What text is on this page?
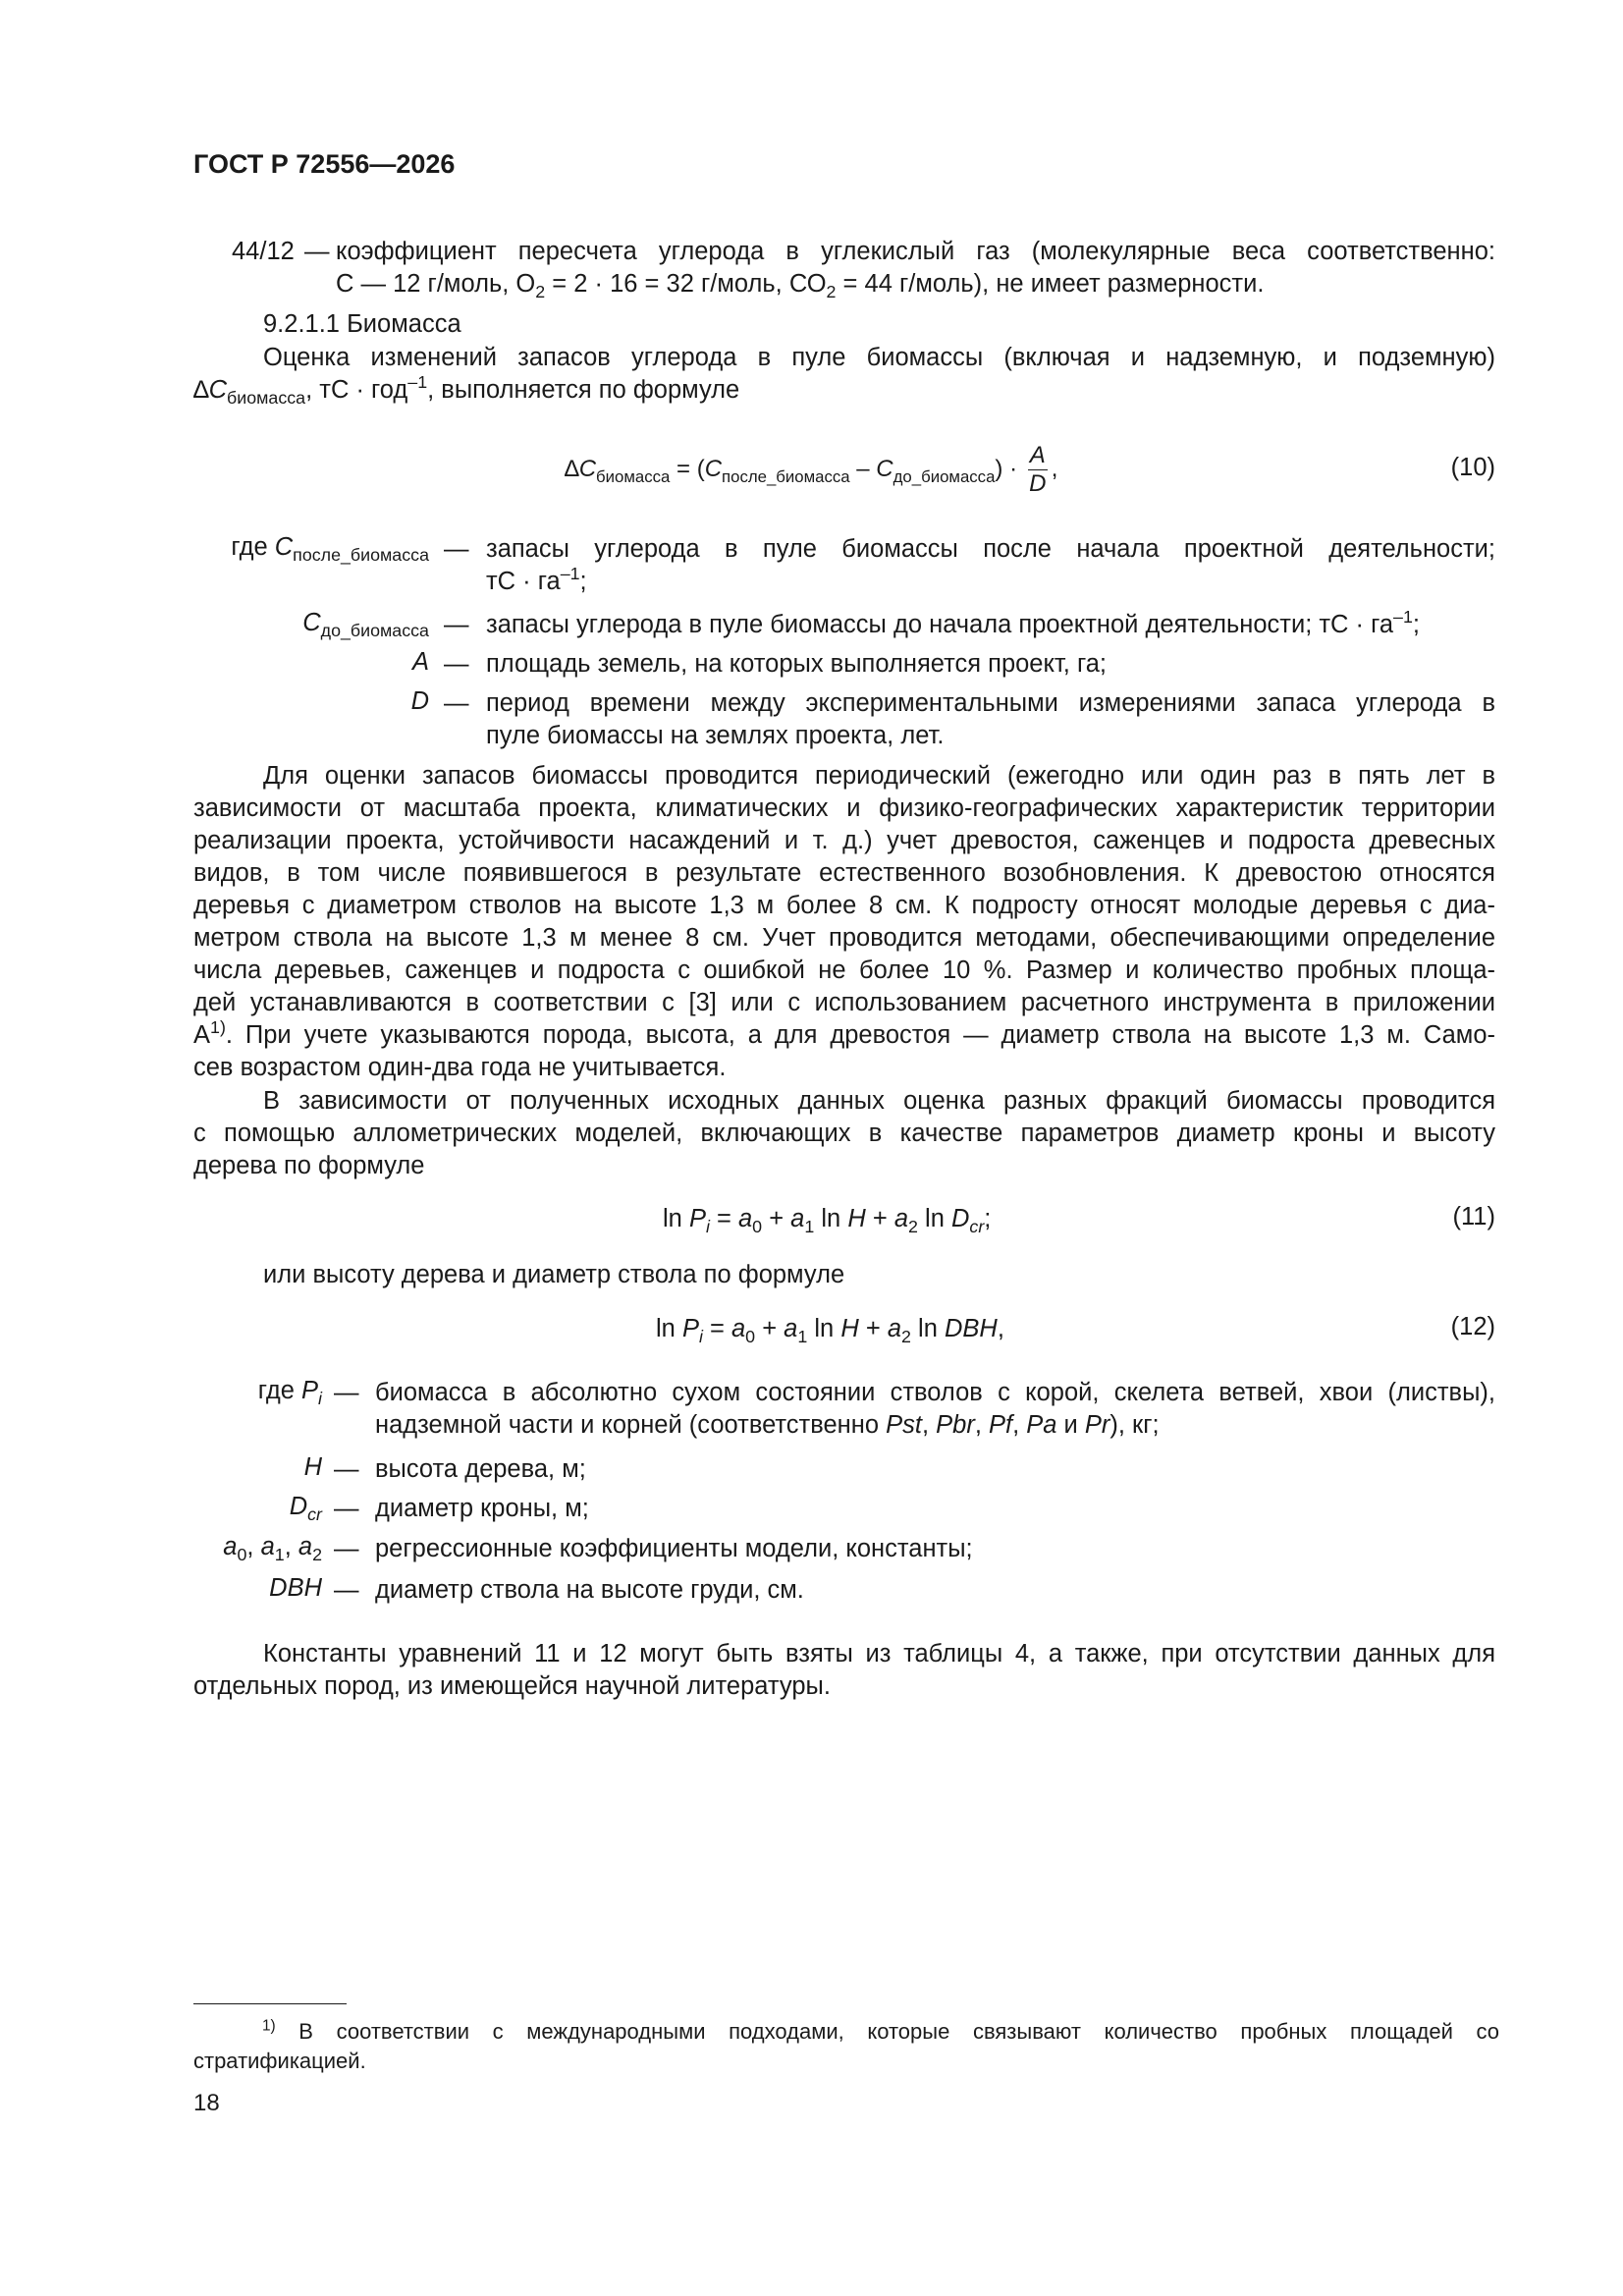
ГОСТ Р 72556—2026
44/12 — коэффициент пересчета углерода в углекислый газ (молекулярные веса соответственно:
С — 12 г/моль, $О_2 = 2 \cdot 16 = 32$ г/моль, $СО_2 = 44$ г/моль), не имеет размерности.
9.2.1.1 Биомасса
Оценка изменений запасов углерода в пуле биомассы (включая и надземную, и подземную)
$\Delta C_{биомасса}$, тС · год$^{-1}$, выполняется по формуле
$\Delta C_{биомасса} = (C_{после\_биомасса} - C_{до\_биомасса}) \cdot \frac{A}{D}$ ,	(10)
где $C_{после\_биомасса}$ — запасы углерода в пуле биомассы после начала проектной деятельности;
тС · $га^{-1}$;
$C_{до\_биомасса}$ — запасы углерода в пуле биомассы до начала проектной деятельности; тС · $га^{-1}$;
A — площадь земель, на которых выполняется проект, га;
D — период времени между экспериментальными измерениями запаса углерода в
пуле биомассы на землях проекта, лет.
Для оценки запасов биомассы проводится периодический (ежегодно или один раз в пять лет в
зависимости от масштаба проекта, климатических и физико-географических характеристик территории
реализации проекта, устойчивости насаждений и т. д.) учет древостоя, саженцев и подроста древесных
видов, в том числе появившегося в результате естественного возобновления. К древостою относятся
деревья с диаметром стволов на высоте 1,3 м более 8 см. К подросту относят молодые деревья с диа-
метром ствола на высоте 1,3 м менее 8 см. Учет проводится методами, обеспечивающими определение
числа деревьев, саженцев и подроста с ошибкой не более 10 %. Размер и количество пробных площа-
дей устанавливаются в соответствии с [3] или с использованием расчетного инструмента в приложении
$А^{1)}$. При учете указываются порода, высота, а для древостоя — диаметр ствола на высоте 1,3 м. Само-
сев возрастом один-два года не учитывается.
В зависимости от полученных исходных данных оценка разных фракций биомассы проводится
с помощью аллометрических моделей, включающих в качестве параметров диаметр кроны и высоту
дерева по формуле
$\ln P_i = a_0 + a_1$ $\ln H + a_2$ $\ln D_{cr}$;	(11)
или высоту дерева и диаметр ствола по формуле
$\ln P_i = a_0 + a_1$ $\ln H + a_2$ ln DBH,	(12)
где $P_i$ — биомасса в абсолютно сухом состоянии стволов с корой, скелета ветвей, хвои (листвы),
надземной части и корней (соответственно Pst, Pbr, Pf, Pa и Pr), кг;
H — высота дерева, м;
$D_{cr}$ — диаметр кроны, м;
$a_0$, $a_1$, $a_2$ — регрессионные коэффициенты модели, константы;
DBH — диаметр ствола на высоте груди, см.
Константы уравнений 11 и 12 могут быть взяты из таблицы 4, а также, при отсутствии данных для
отдельных пород, из имеющейся научной литературы.
$^{1)}$ В соответствии с международными подходами, которые связывают количество пробных площадей со
стратификацией.
18
